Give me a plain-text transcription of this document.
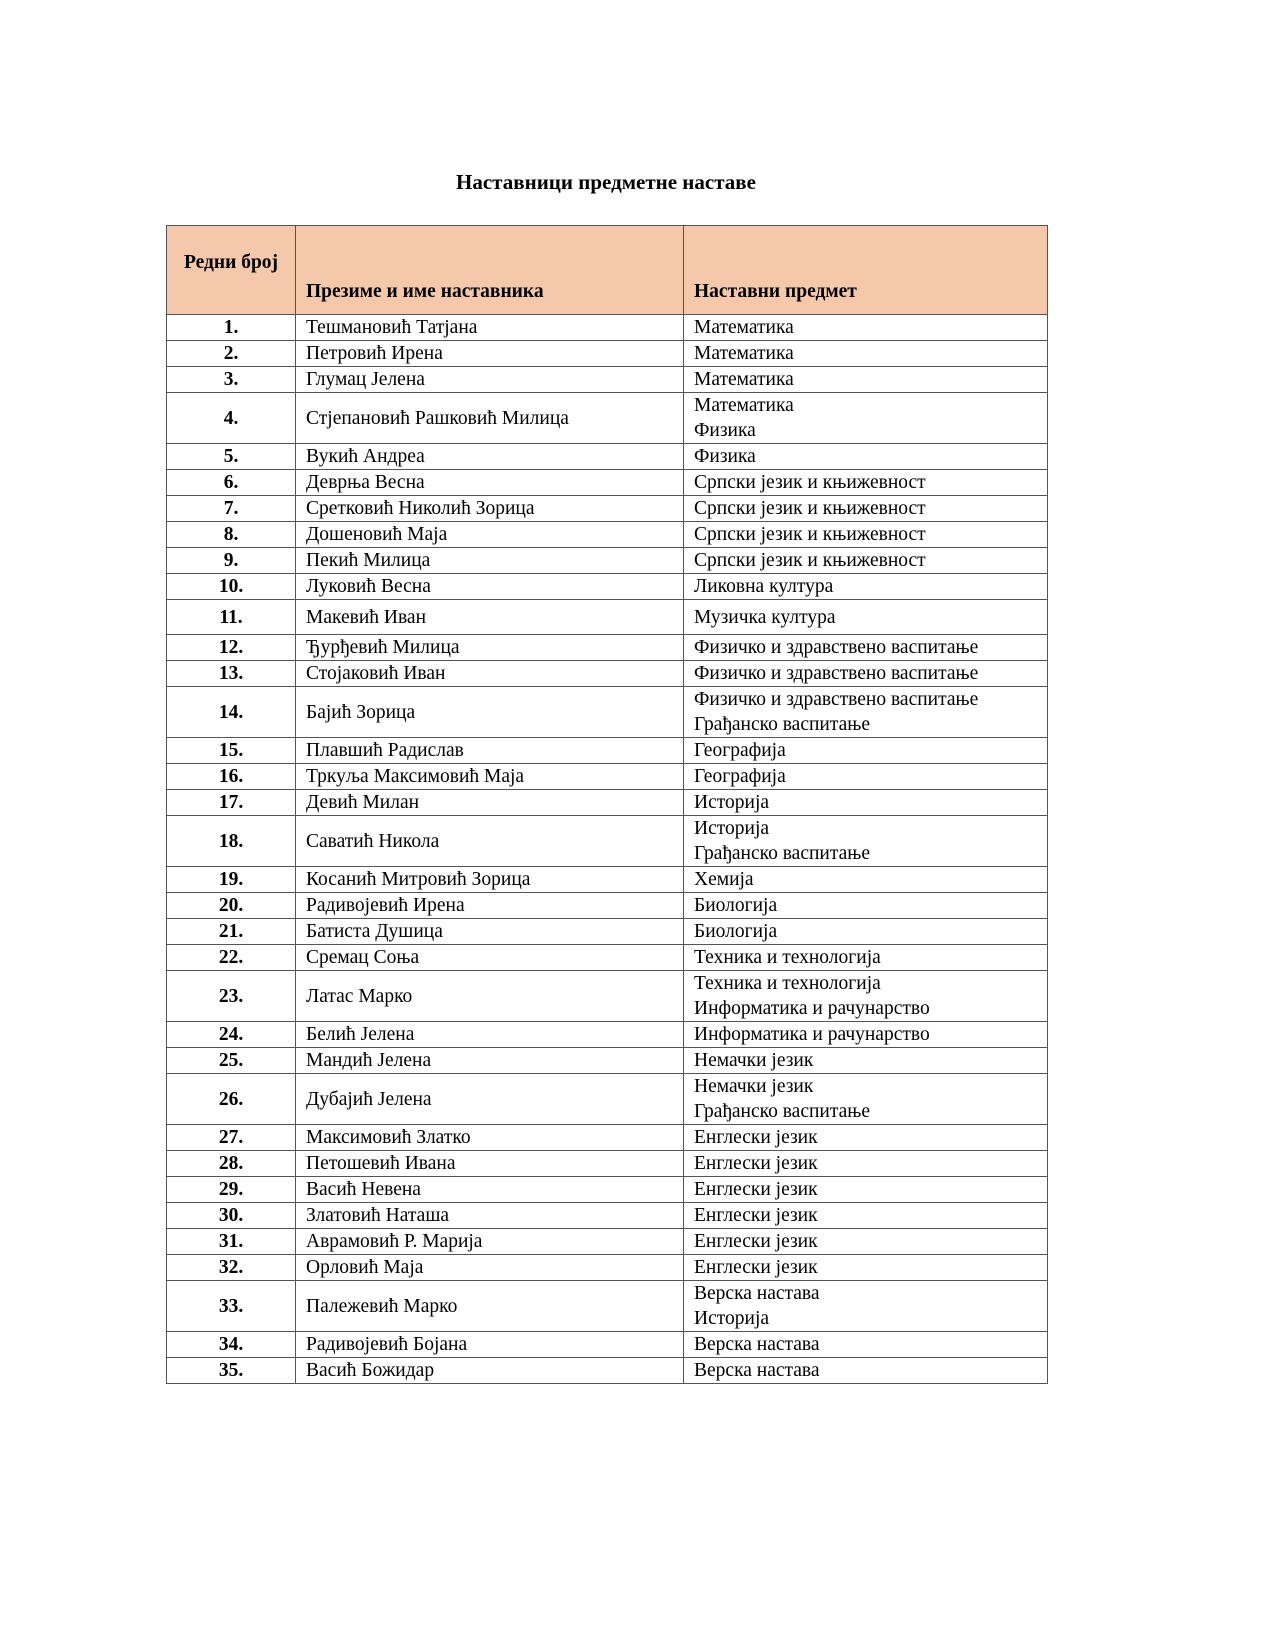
Наставници предметне наставе
Редни број	Презиме и име наставника	Наставни предмет
1.	Тешмановић Татјана	Математика

2.	Петровић Ирена	Математика

3.	Глумац Јелена	Математика

4.	Стјепановић Рашковић Милица	Математика
Физика

5.	Вукић Андреа	Физика

6.	Деврња Весна	Српски језик и књижевност

7.	Сретковић Николић Зорица	Српски језик и књижевност

8.	Дошеновић Маја	Српски језик и књижевност

9.	Пекић Милица	Српски језик и књижевност

10.	Луковић Весна	Ликовна култура

11.	Макевић Иван	Музичка култура

12.	Ђурђевић Милица	Физичко и здравствено васпитање

13.	Стојаковић Иван	Физичко и здравствено васпитање

14.	Бајић Зорица	Физичко и здравствено васпитање
Грађанско васпитање

15.	Плавшић Радислав	Географија

16.	Тркуља Максимовић Маја	Географија

17.	Девић Милан	Историја

18.	Саватић Никола	Историја
Грађанско васпитање

19.	Косанић Митровић Зорица	Хемија

20.	Радивојевић Ирена	Биологија

21.	Батиста Душица	Биологија

22.	Сремац Соња	Техника и технологија

23.	Латас Марко	Техника и технологија
Информатика и рачунарство

24.	Белић Јелена	Информатика и рачунарство

25.	Мандић Јелена	Немачки језик

26.	Дубајић Јелена	Немачки језик
Грађанско васпитање

27.	Максимовић Златко	Енглески језик

28.	Петошевић Ивана	Енглески језик

29.	Васић Невена	Енглески језик

30.	Златовић Наташа	Енглески језик

31.	Аврамовић Р. Марија	Енглески језик

32.	Орловић Маја	Енглески језик

33.	Палежевић Марко	Верска настава
Историја

34.	Радивојевић Бојана	Верска настава

35.	Васић Божидар	Верска настава
